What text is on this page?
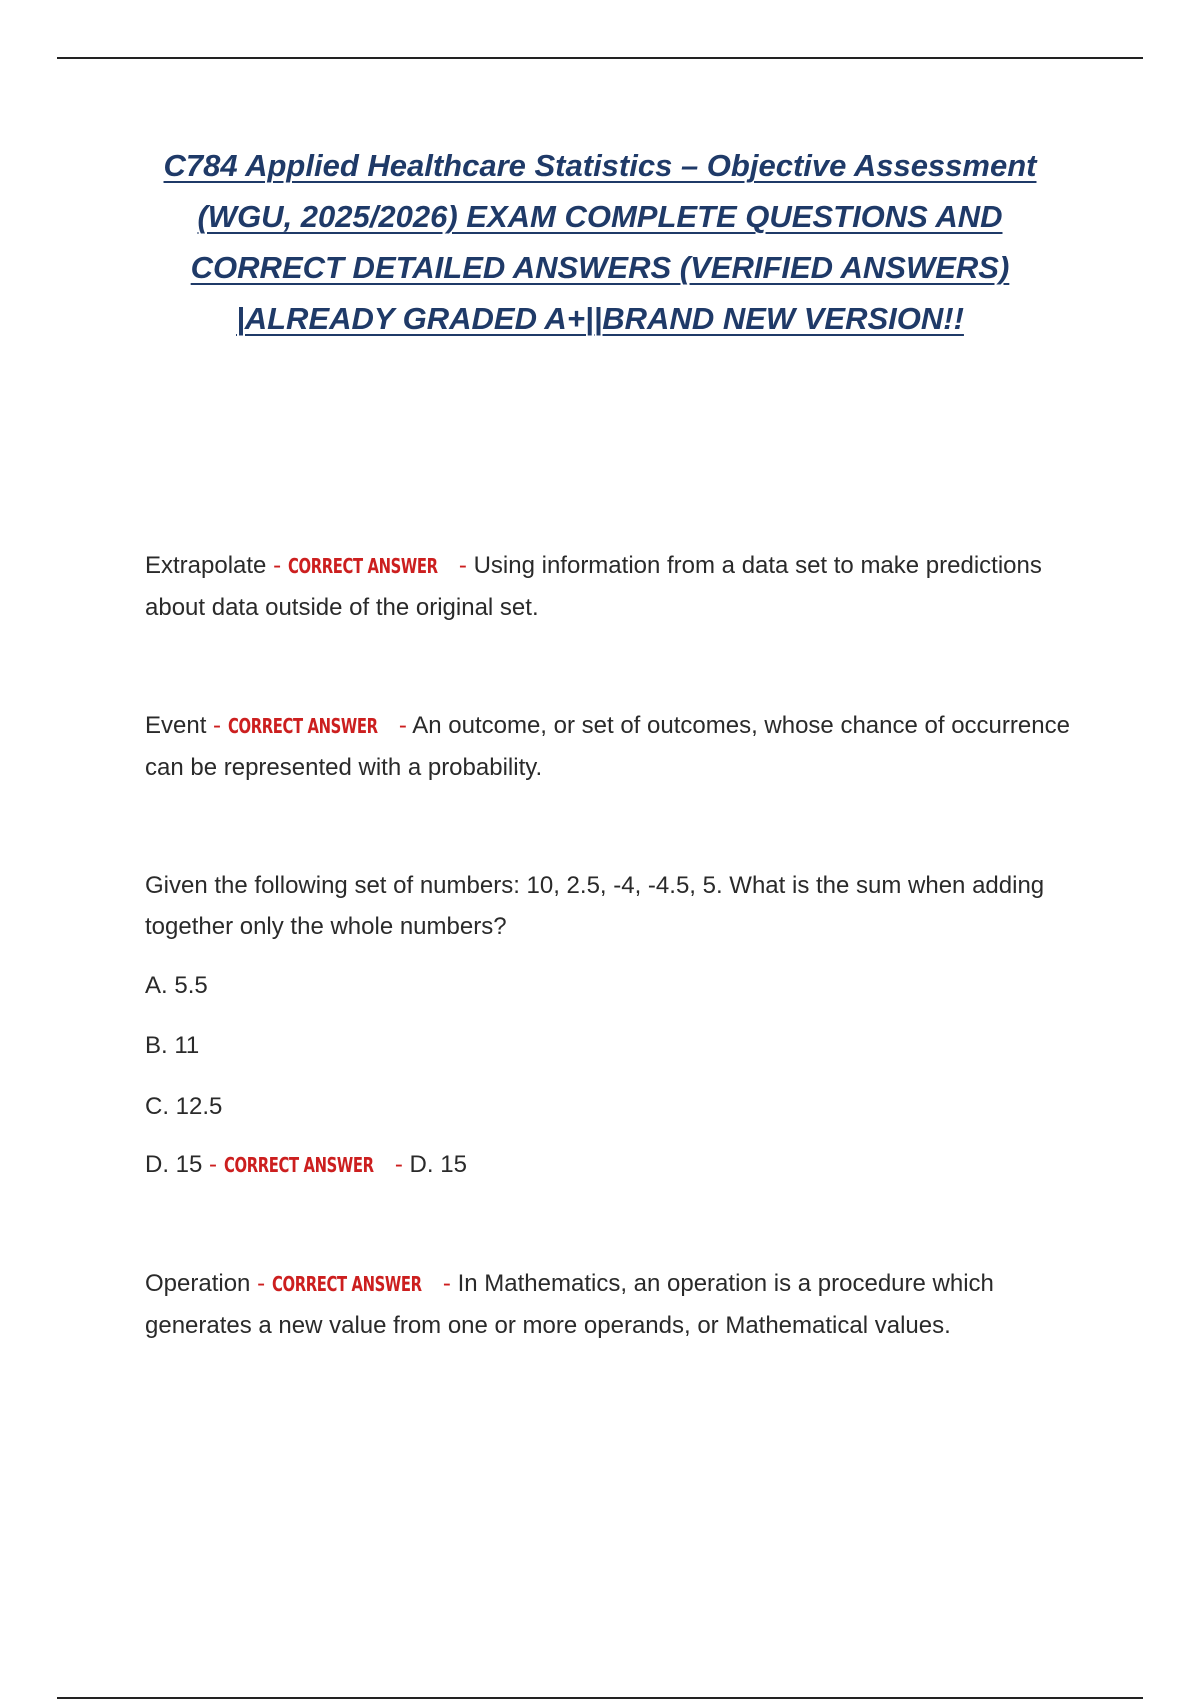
C784 Applied Healthcare Statistics – Objective Assessment (WGU, 2025/2026) EXAM COMPLETE QUESTIONS AND CORRECT DETAILED ANSWERS (VERIFIED ANSWERS) |ALREADY GRADED A+||BRAND NEW VERSION!!

Extrapolate - CORRECT ANSWER - Using information from a data set to make predictions about data outside of the original set.

Event - CORRECT ANSWER - An outcome, or set of outcomes, whose chance of occurrence can be represented with a probability.

Given the following set of numbers: 10, 2.5, -4, -4.5, 5. What is the sum when adding together only the whole numbers?

A. 5.5

B. 11

C. 12.5

D. 15 - CORRECT ANSWER - D. 15

Operation - CORRECT ANSWER - In Mathematics, an operation is a procedure which generates a new value from one or more operands, or Mathematical values.
